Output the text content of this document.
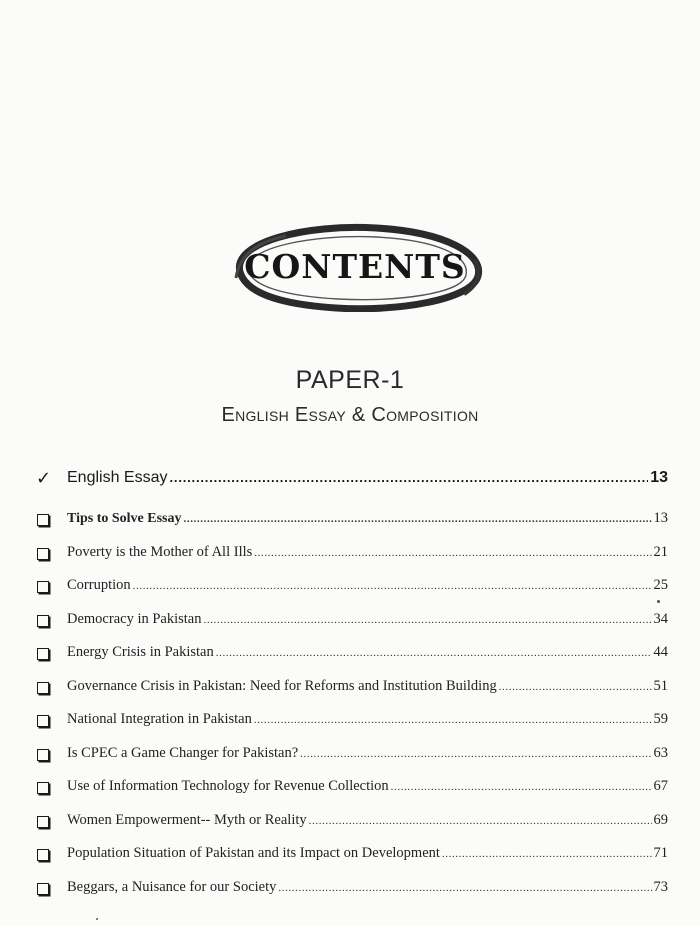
CONTENTS
PAPER-1
English Essay & Composition
✓ English Essay .....	13
Tips to Solve Essay .....	13
Poverty is the Mother of All Ills .....	21
Corruption .....	25
Democracy in Pakistan .....	34
Energy Crisis in Pakistan .....	44
Governance Crisis in Pakistan: Need for Reforms and Institution Building .....	51
National Integration in Pakistan .....	59
Is CPEC a Game Changer for Pakistan? .....	63
Use of Information Technology for Revenue Collection .....	67
Women Empowerment-- Myth or Reality .....	69
Population Situation of Pakistan and its Impact on Development .....	71
Beggars, a Nuisance for our Society .....	73
